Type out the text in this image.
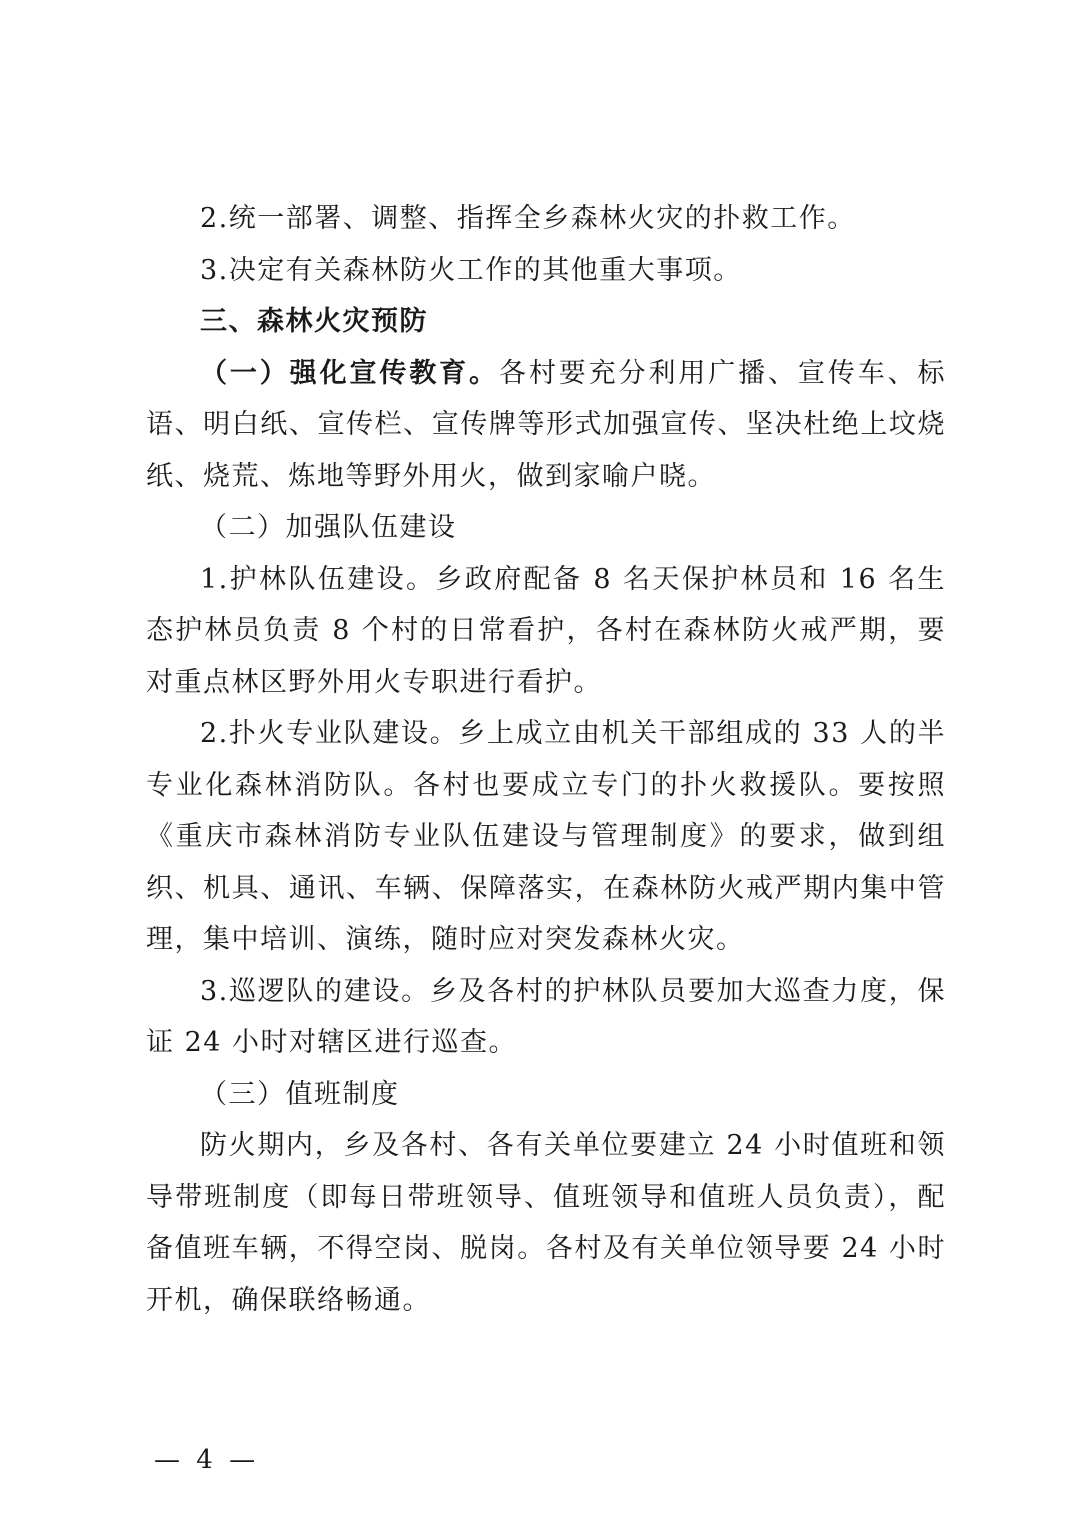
2.统一部署、调整、指挥全乡森林火灾的扑救工作。

3.决定有关森林防火工作的其他重大事项。

三、森林火灾预防

（一）强化宣传教育。各村要充分利用广播、宣传车、标语、明白纸、宣传栏、宣传牌等形式加强宣传、坚决杜绝上坟烧纸、烧荒、炼地等野外用火，做到家喻户晓。

（二）加强队伍建设

1.护林队伍建设。乡政府配备 8 名天保护林员和 16 名生态护林员负责 8 个村的日常看护，各村在森林防火戒严期，要对重点林区野外用火专职进行看护。

2.扑火专业队建设。乡上成立由机关干部组成的 33 人的半专业化森林消防队。各村也要成立专门的扑火救援队。要按照《重庆市森林消防专业队伍建设与管理制度》的要求，做到组织、机具、通讯、车辆、保障落实，在森林防火戒严期内集中管理，集中培训、演练，随时应对突发森林火灾。

3.巡逻队的建设。乡及各村的护林队员要加大巡查力度，保证 24 小时对辖区进行巡查。

（三）值班制度

防火期内，乡及各村、各有关单位要建立 24 小时值班和领导带班制度（即每日带班领导、值班领导和值班人员负责），配备值班车辆，不得空岗、脱岗。各村及有关单位领导要 24 小时开机，确保联络畅通。

— 4 —
